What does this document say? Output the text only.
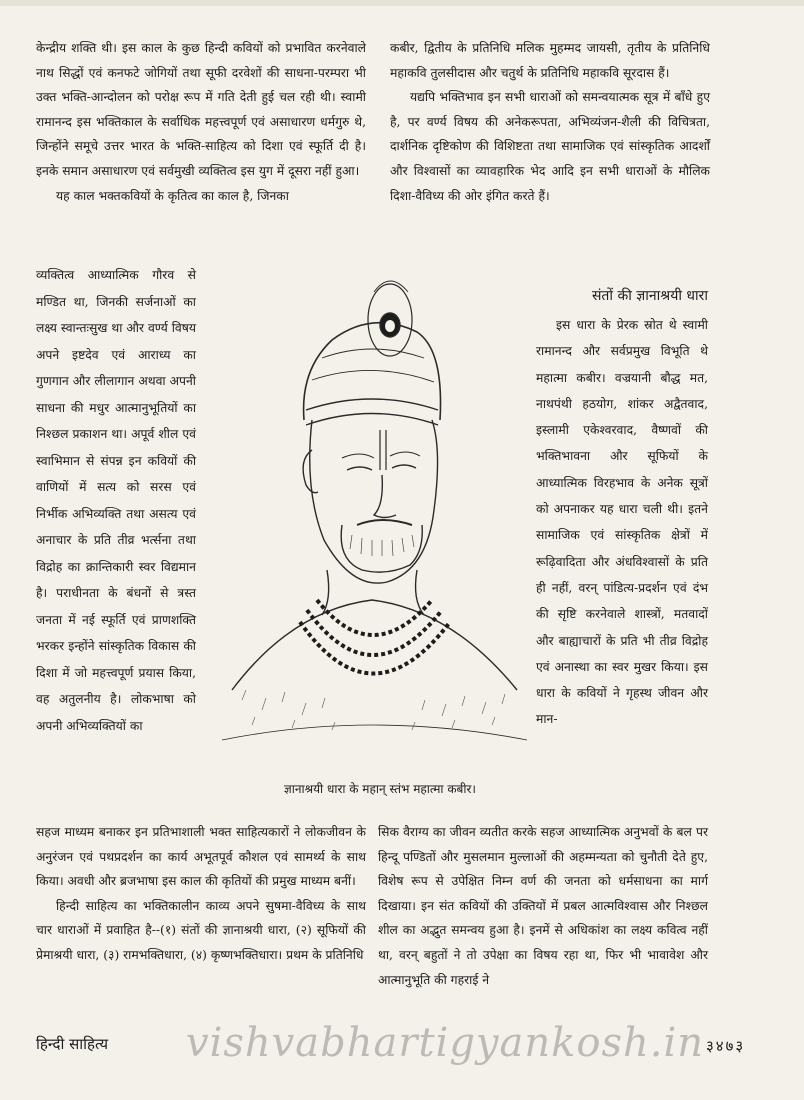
केन्द्रीय शक्ति थी। इस काल के कुछ हिन्दी कवियों को प्रभावित करनेवाले नाथ सिद्धों एवं कनफटे जोगियों तथा सूफी दरवेशों की साधना-परम्परा भी उक्त भक्ति-आन्दोलन को परोक्ष रूप में गति देती हुई चल रही थी। स्वामी रामानन्द इस भक्तिकाल के सर्वाधिक महत्त्वपूर्ण एवं असाधारण धर्मगुरु थे, जिन्होंने समूचे उत्तर भारत के भक्ति-साहित्य को दिशा एवं स्फूर्ति दी है। इनके समान असाधारण एवं सर्वमुखी व्यक्तित्व इस युग में दूसरा नहीं हुआ।

यह काल भक्तकवियों के कृतित्व का काल है, जिनका

व्यक्तित्व आध्यात्मिक गौरव से मण्डित था, जिनकी सर्जनाओं का लक्ष्य स्वान्तःसुख था और वर्ण्य विषय अपने इष्टदेव एवं आराध्य का गुणगान और लीलागान अथवा अपनी साधना की मधुर आत्मानुभूतियों का निश्छल प्रकाशन था। अपूर्व शील एवं स्वाभिमान से संपन्न इन कवियों की वाणियों में सत्य को सरस एवं निर्भीक अभिव्यक्ति तथा असत्य एवं अनाचार के प्रति तीव्र भर्त्सना तथा विद्रोह का क्रान्तिकारी स्वर विद्यमान है। पराधीनता के बंधनों से त्रस्त जनता में नई स्फूर्ति एवं प्राणशक्ति भरकर इन्होंने सांस्कृतिक विकास की दिशा में जो महत्त्वपूर्ण प्रयास किया, वह अतुलनीय है। लोकभाषा को अपनी अभिव्यक्तियों का

कबीर, द्वितीय के प्रतिनिधि मलिक मुहम्मद जायसी, तृतीय के प्रतिनिधि महाकवि तुलसीदास और चतुर्थ के प्रतिनिधि महाकवि सूरदास हैं।

यद्यपि भक्तिभाव इन सभी धाराओं को समन्वयात्मक सूत्र में बाँधे हुए है, पर वर्ण्य विषय की अनेकरूपता, अभिव्यंजन-शैली की विचित्रता, दार्शनिक दृष्टिकोण की विशिष्टता तथा सामाजिक एवं सांस्कृतिक आदर्शों और विश्वासों का व्यावहारिक भेद आदि इन सभी धाराओं के मौलिक दिशा-वैविध्य की ओर इंगित करते हैं।

संतों की ज्ञानाश्रयी धारा
इस धारा के प्रेरक स्रोत थे स्वामी रामानन्द और सर्वप्रमुख विभूति थे महात्मा कबीर। वज्रयानी बौद्ध मत, नाथपंथी हठयोग, शांकर अद्वैतवाद, इस्लामी एकेश्वरवाद, वैष्णवों की भक्तिभावना और सूफियों के आध्यात्मिक विरहभाव के अनेक सूत्रों को अपनाकर यह धारा चली थी। इतने सामाजिक एवं सांस्कृतिक क्षेत्रों में रूढ़िवादिता और अंधविश्वासों के प्रति ही नहीं, वरन् पांडित्य-प्रदर्शन एवं दंभ की सृष्टि करनेवाले शास्त्रों, मतवादों और बाह्याचारों के प्रति भी तीव्र विद्रोह एवं अनास्था का स्वर मुखर किया। इस धारा के कवियों ने गृहस्थ जीवन और मान-
ज्ञानाश्रयी धारा के महान् स्तंभ महात्मा कबीर।

सहज माध्यम बनाकर इन प्रतिभाशाली भक्त साहित्यकारों ने लोकजीवन के अनुरंजन एवं पथप्रदर्शन का कार्य अभूतपूर्व कौशल एवं सामर्थ्य के साथ किया। अवधी और ब्रजभाषा इस काल की कृतियों की प्रमुख माध्यम बनीं।

हिन्दी साहित्य का भक्तिकालीन काव्य अपने सुषमा-वैविध्य के साथ चार धाराओं में प्रवाहित है--(१) संतों की ज्ञानाश्रयी धारा, (२) सूफियों की प्रेमाश्रयी धारा, (३) रामभक्तिधारा, (४) कृष्णभक्तिधारा। प्रथम के प्रतिनिधि

सिक वैराग्य का जीवन व्यतीत करके सहज आध्यात्मिक अनुभवों के बल पर हिन्दू पण्डितों और मुसलमान मुल्लाओं की अहम्मन्यता को चुनौती देते हुए, विशेष रूप से उपेक्षित निम्न वर्ण की जनता को धर्मसाधना का मार्ग दिखाया। इन संत कवियों की उक्तियों में प्रबल आत्मविश्वास और निश्छल शील का अद्भुत समन्वय हुआ है। इनमें से अधिकांश का लक्ष्य कवित्व नहीं था, वरन् बहुतों ने तो उपेक्षा का विषय रहा था, फिर भी भावावेश और आत्मानुभूति की गहराई ने

हिन्दी साहित्य vishvabhartigyankosh.in ३४७३
